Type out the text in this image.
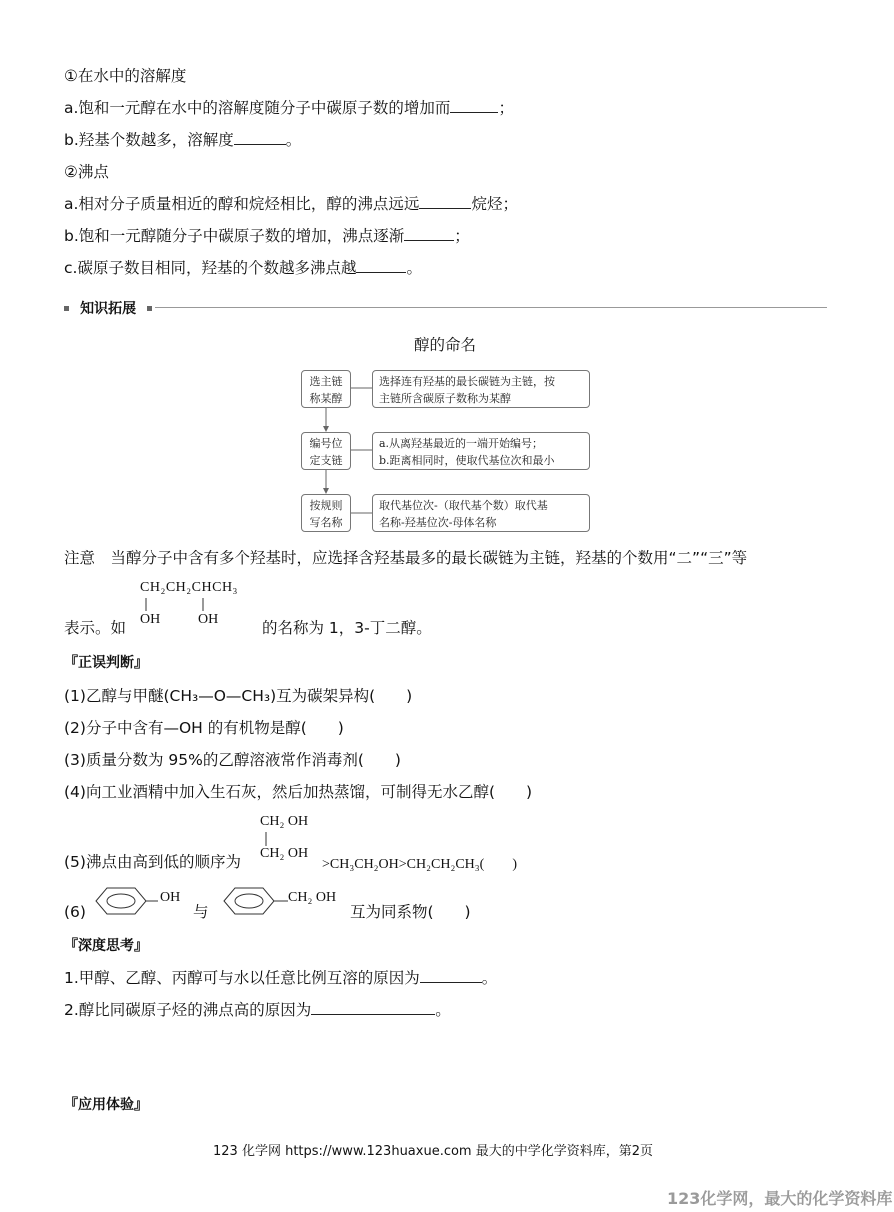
①在水中的溶解度
a.饱和一元醇在水中的溶解度随分子中碳原子数的增加而	；
b.羟基个数越多，溶解度	。
②沸点
a.相对分子质量相近的醇和烷烃相比，醇的沸点远远	烷烃；
b.饱和一元醇随分子中碳原子数的增加，沸点逐渐	；
c.碳原子数目相同，羟基的个数越多沸点越	。
知识拓展
醇的命名
选主链
称某醇
选择连有羟基的最长碳链为主链，按
主链所含碳原子数称为某醇
编号位
定支链
a.从离羟基最近的一端开始编号；
b.距离相同时，使取代基位次和最小
按规则
写名称
取代基位次-（取代基个数）取代基
名称-羟基位次-母体名称
注意　当醇分子中含有多个羟基时，应选择含羟基最多的最长碳链为主链，羟基的个数用“二”“三”等
CH₂CH₂CHCH₃
OH	OH
表示。如	的名称为 1，3-丁二醇。
『正误判断』
(1)乙醇与甲醚(CH₃—O—CH₃)互为碳架异构(　　)
(2)分子中含有—OH 的有机物是醇(　　)
(3)质量分数为 95%的乙醇溶液常作消毒剂(　　)
(4)向工业酒精中加入生石灰，然后加热蒸馏，可制得无水乙醇(　　)
CH₂ OH
CH₂ OH
(5)沸点由高到低的顺序为	>CH₃CH₂OH>CH₂CH₂CH₃(　　)
(6)
OH
与
CH₂ OH
互为同系物(　　)
『深度思考』
1.甲醇、乙醇、丙醇可与水以任意比例互溶的原因为	。
2.醇比同碳原子烃的沸点高的原因为	。
『应用体验』
123 化学网 https://www.123huaxue.com 最大的中学化学资料库，第2页
123化学网，最大的化学资料库
